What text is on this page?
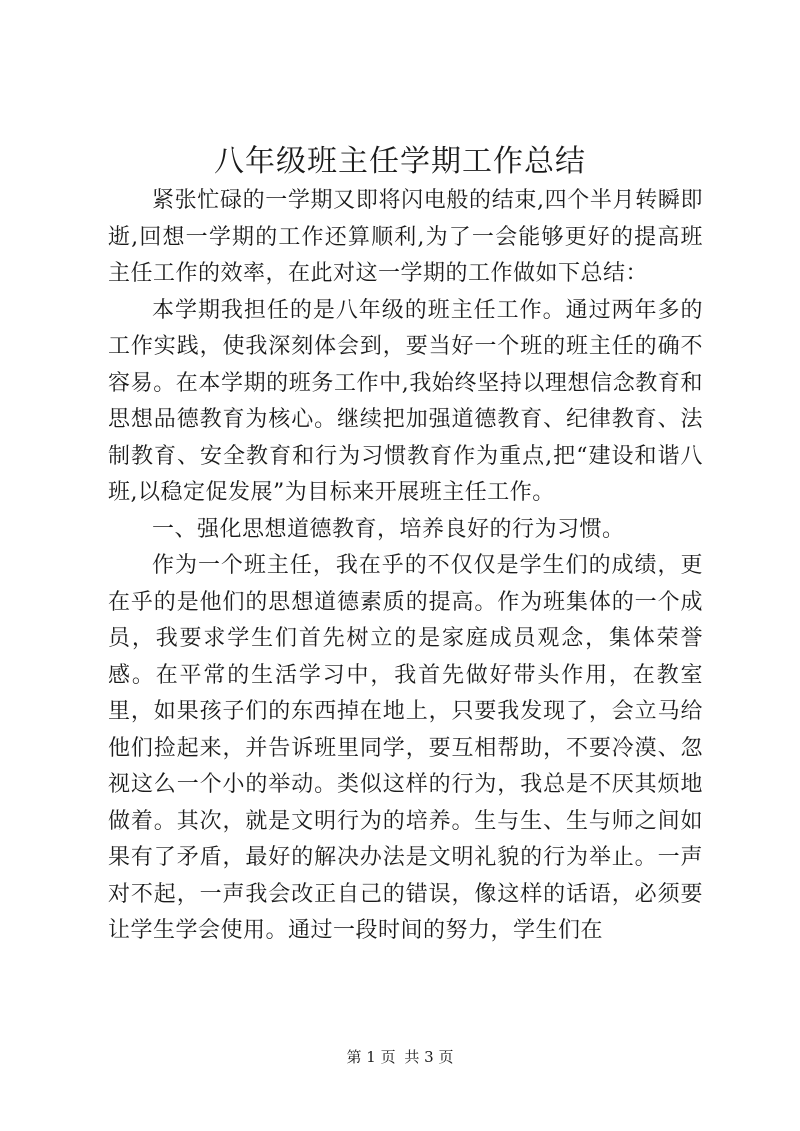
八年级班主任学期工作总结

紧张忙碌的一学期又即将闪电般的结束,四个半月转瞬即逝,回想一学期的工作还算顺利,为了一会能够更好的提高班主任工作的效率，在此对这一学期的工作做如下总结：

本学期我担任的是八年级的班主任工作。通过两年多的工作实践，使我深刻体会到，要当好一个班的班主任的确不容易。在本学期的班务工作中,我始终坚持以理想信念教育和思想品德教育为核心。继续把加强道德教育、纪律教育、法制教育、安全教育和行为习惯教育作为重点,把“建设和谐八班,以稳定促发展”为目标来开展班主任工作。

一、强化思想道德教育，培养良好的行为习惯。

作为一个班主任，我在乎的不仅仅是学生们的成绩，更在乎的是他们的思想道德素质的提高。作为班集体的一个成员，我要求学生们首先树立的是家庭成员观念，集体荣誉感。在平常的生活学习中，我首先做好带头作用，在教室里，如果孩子们的东西掉在地上，只要我发现了，会立马给他们捡起来，并告诉班里同学，要互相帮助，不要冷漠、忽视这么一个小的举动。类似这样的行为，我总是不厌其烦地做着。其次，就是文明行为的培养。生与生、生与师之间如果有了矛盾，最好的解决办法是文明礼貌的行为举止。一声对不起，一声我会改正自己的错误，像这样的话语，必须要让学生学会使用。通过一段时间的努力，学生们在

第 1 页 共 3 页
